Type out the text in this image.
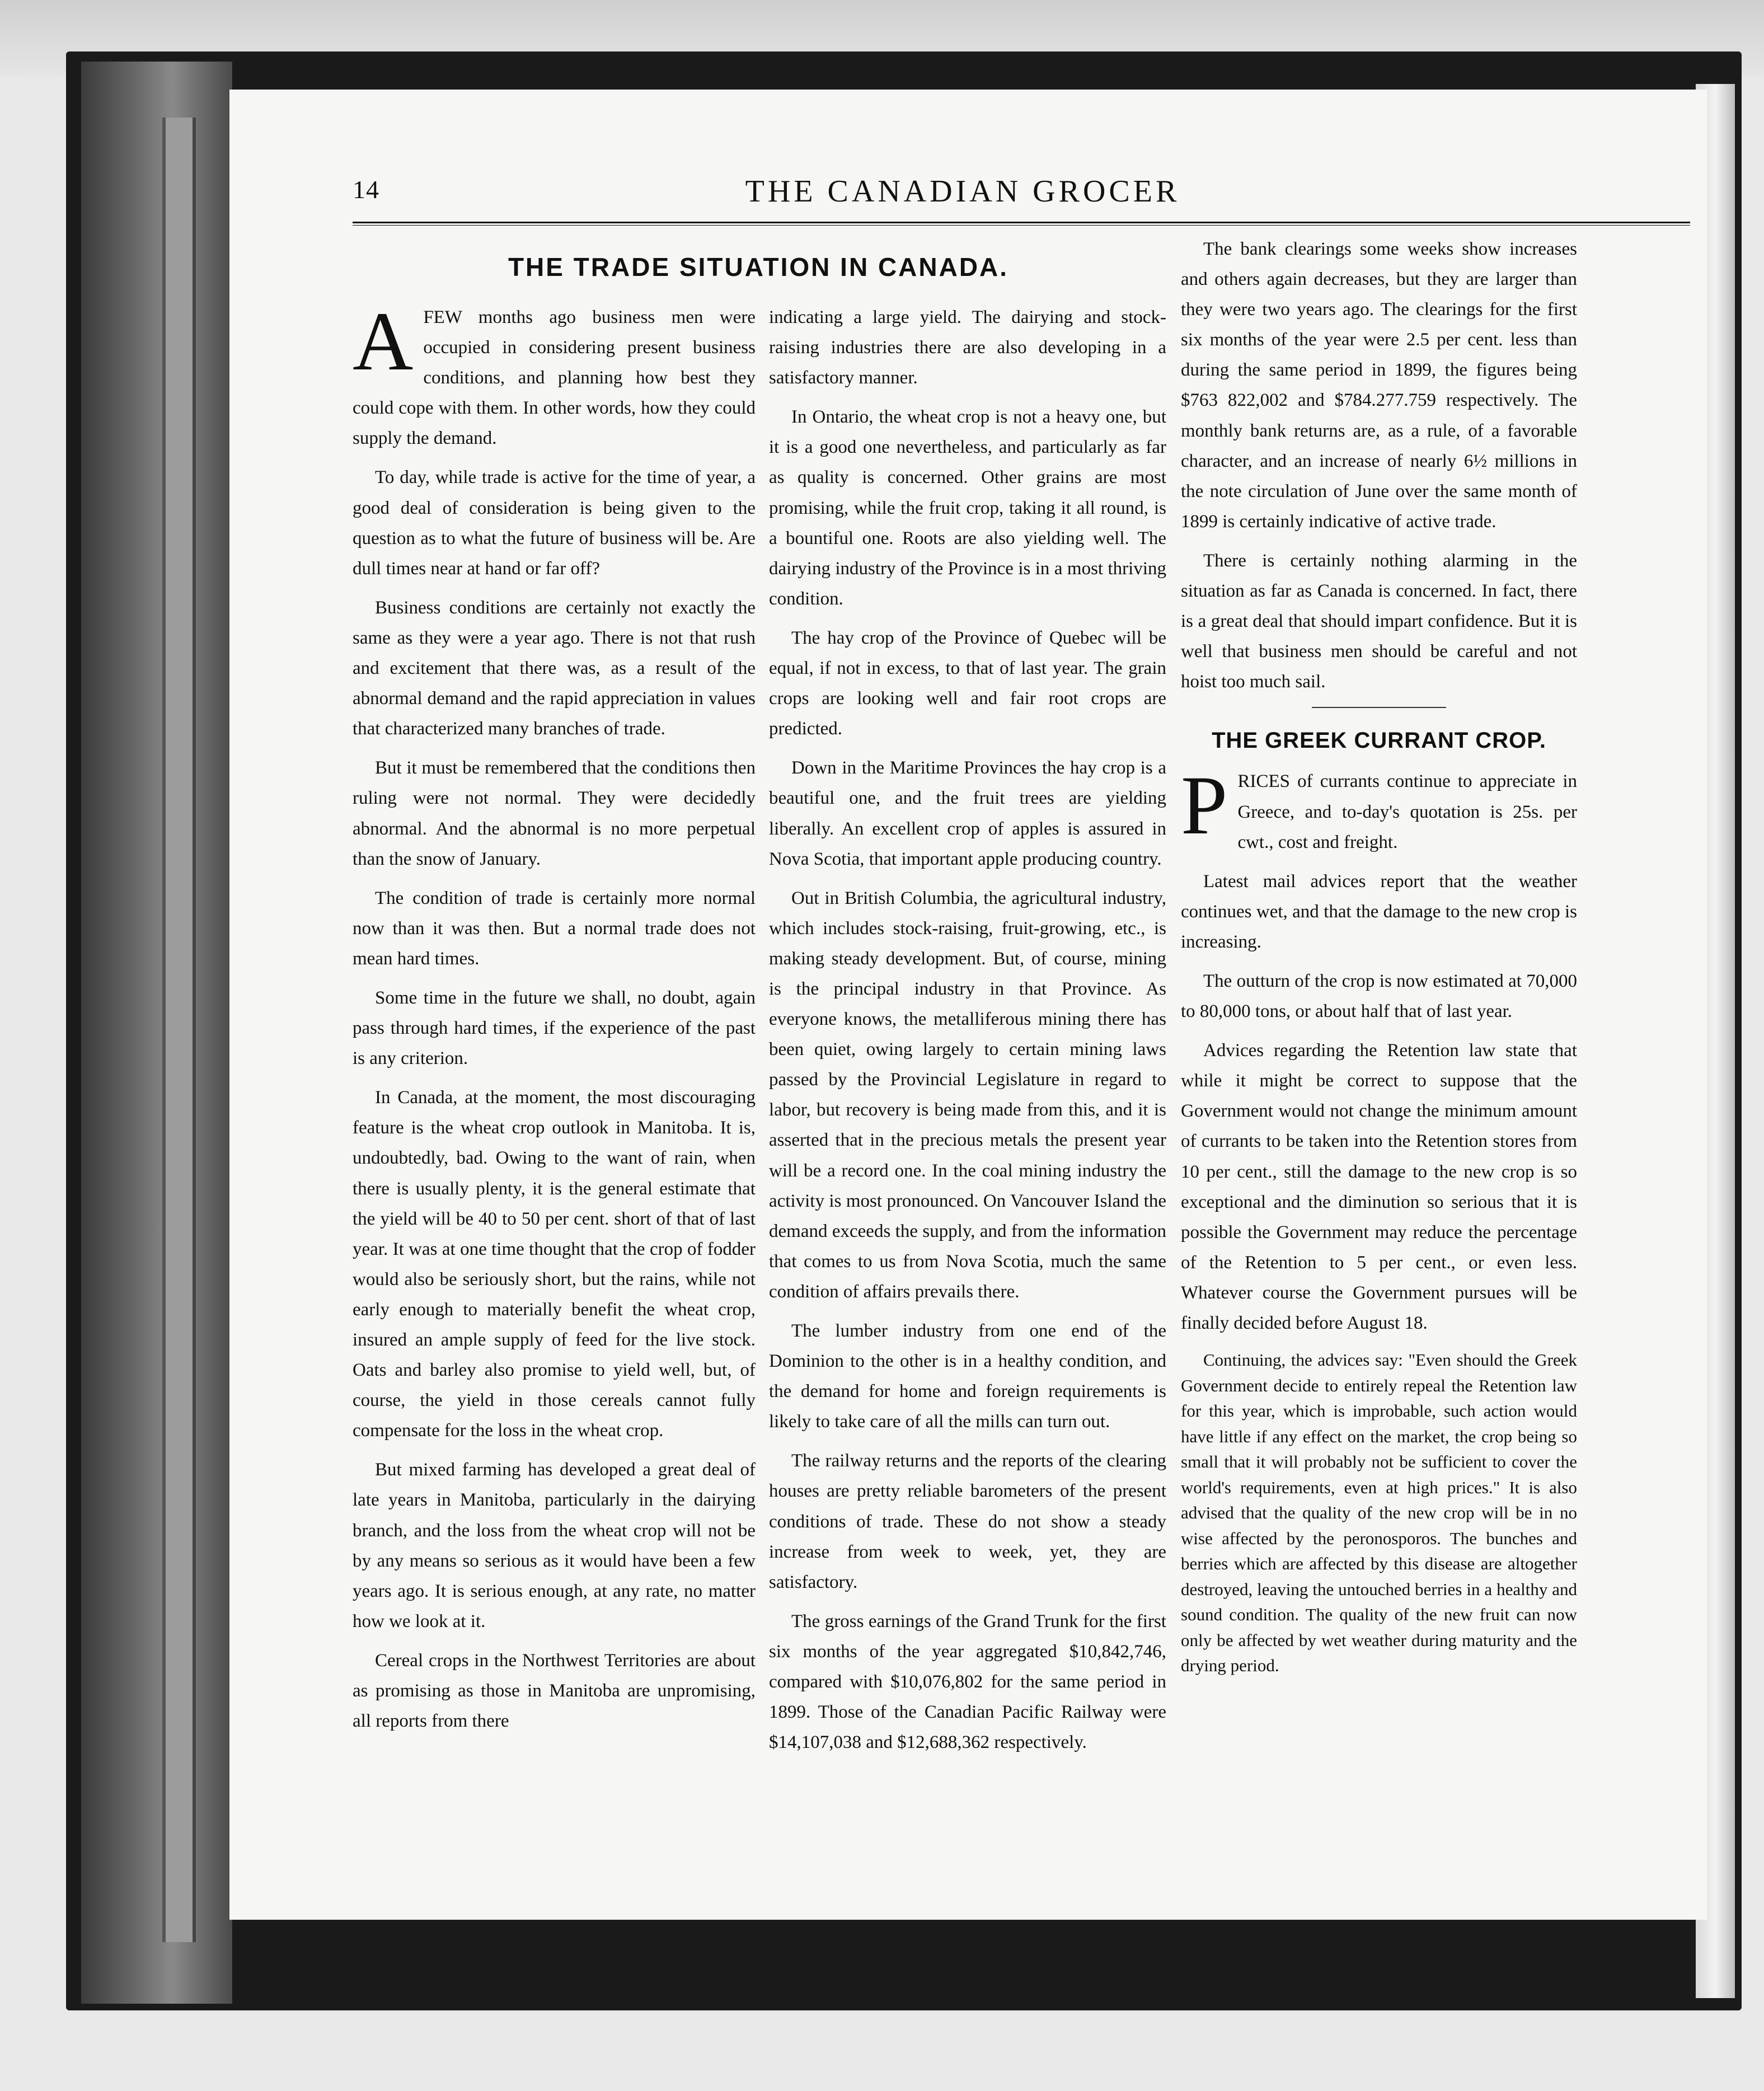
14	THE CANADIAN GROCER
THE TRADE SITUATION IN CANADA.

AFEW months ago business men were occupied in considering present business conditions, and planning how best they could cope with them. In other words, how they could supply the demand.

To day, while trade is active for the time of year, a good deal of consideration is being given to the question as to what the future of business will be. Are dull times near at hand or far off?

Business conditions are certainly not exactly the same as they were a year ago. There is not that rush and excitement that there was, as a result of the abnormal demand and the rapid appreciation in values that characterized many branches of trade.

But it must be remembered that the conditions then ruling were not normal. They were decidedly abnormal. And the abnormal is no more perpetual than the snow of January.

The condition of trade is certainly more normal now than it was then. But a normal trade does not mean hard times.

Some time in the future we shall, no doubt, again pass through hard times, if the experience of the past is any criterion.

In Canada, at the moment, the most discouraging feature is the wheat crop outlook in Manitoba. It is, undoubtedly, bad. Owing to the want of rain, when there is usually plenty, it is the general estimate that the yield will be 40 to 50 per cent. short of that of last year. It was at one time thought that the crop of fodder would also be seriously short, but the rains, while not early enough to materially benefit the wheat crop, insured an ample supply of feed for the live stock. Oats and barley also promise to yield well, but, of course, the yield in those cereals cannot fully compensate for the loss in the wheat crop.

But mixed farming has developed a great deal of late years in Manitoba, particularly in the dairying branch, and the loss from the wheat crop will not be by any means so serious as it would have been a few years ago. It is serious enough, at any rate, no matter how we look at it.

Cereal crops in the Northwest Territories are about as promising as those in Manitoba are unpromising, all reports from there

indicating a large yield. The dairying and stock-raising industries there are also developing in a satisfactory manner.

In Ontario, the wheat crop is not a heavy one, but it is a good one nevertheless, and particularly as far as quality is concerned. Other grains are most promising, while the fruit crop, taking it all round, is a bountiful one. Roots are also yielding well. The dairying industry of the Province is in a most thriving condition.

The hay crop of the Province of Quebec will be equal, if not in excess, to that of last year. The grain crops are looking well and fair root crops are predicted.

Down in the Maritime Provinces the hay crop is a beautiful one, and the fruit trees are yielding liberally. An excellent crop of apples is assured in Nova Scotia, that important apple producing country.

Out in British Columbia, the agricultural industry, which includes stock-raising, fruit-growing, etc., is making steady development. But, of course, mining is the principal industry in that Province. As everyone knows, the metalliferous mining there has been quiet, owing largely to certain mining laws passed by the Provincial Legislature in regard to labor, but recovery is being made from this, and it is asserted that in the precious metals the present year will be a record one. In the coal mining industry the activity is most pronounced. On Vancouver Island the demand exceeds the supply, and from the information that comes to us from Nova Scotia, much the same condition of affairs prevails there.

The lumber industry from one end of the Dominion to the other is in a healthy condition, and the demand for home and foreign requirements is likely to take care of all the mills can turn out.

The railway returns and the reports of the clearing houses are pretty reliable barometers of the present conditions of trade. These do not show a steady increase from week to week, yet, they are satisfactory.

The gross earnings of the Grand Trunk for the first six months of the year aggregated $10,842,746, compared with $10,076,802 for the same period in 1899. Those of the Canadian Pacific Railway were $14,107,038 and $12,688,362 respectively.

The bank clearings some weeks show increases and others again decreases, but they are larger than they were two years ago. The clearings for the first six months of the year were 2.5 per cent. less than during the same period in 1899, the figures being $763 822,002 and $784.277.759 respectively. The monthly bank returns are, as a rule, of a favorable character, and an increase of nearly 6½ millions in the note circulation of June over the same month of 1899 is certainly indicative of active trade.

There is certainly nothing alarming in the situation as far as Canada is concerned. In fact, there is a great deal that should impart confidence. But it is well that business men should be careful and not hoist too much sail.

THE GREEK CURRANT CROP.

PRICES of currants continue to appreciate in Greece, and to-day's quotation is 25s. per cwt., cost and freight.

Latest mail advices report that the weather continues wet, and that the damage to the new crop is increasing.

The outturn of the crop is now estimated at 70,000 to 80,000 tons, or about half that of last year.

Advices regarding the Retention law state that while it might be correct to suppose that the Government would not change the minimum amount of currants to be taken into the Retention stores from 10 per cent., still the damage to the new crop is so exceptional and the diminution so serious that it is possible the Government may reduce the percentage of the Retention to 5 per cent., or even less. Whatever course the Government pursues will be finally decided before August 18.

Continuing, the advices say: "Even should the Greek Government decide to entirely repeal the Retention law for this year, which is improbable, such action would have little if any effect on the market, the crop being so small that it will probably not be sufficient to cover the world's requirements, even at high prices." It is also advised that the quality of the new crop will be in no wise affected by the peronosporos. The bunches and berries which are affected by this disease are altogether destroyed, leaving the untouched berries in a healthy and sound condition. The quality of the new fruit can now only be affected by wet weather during maturity and the drying period.
